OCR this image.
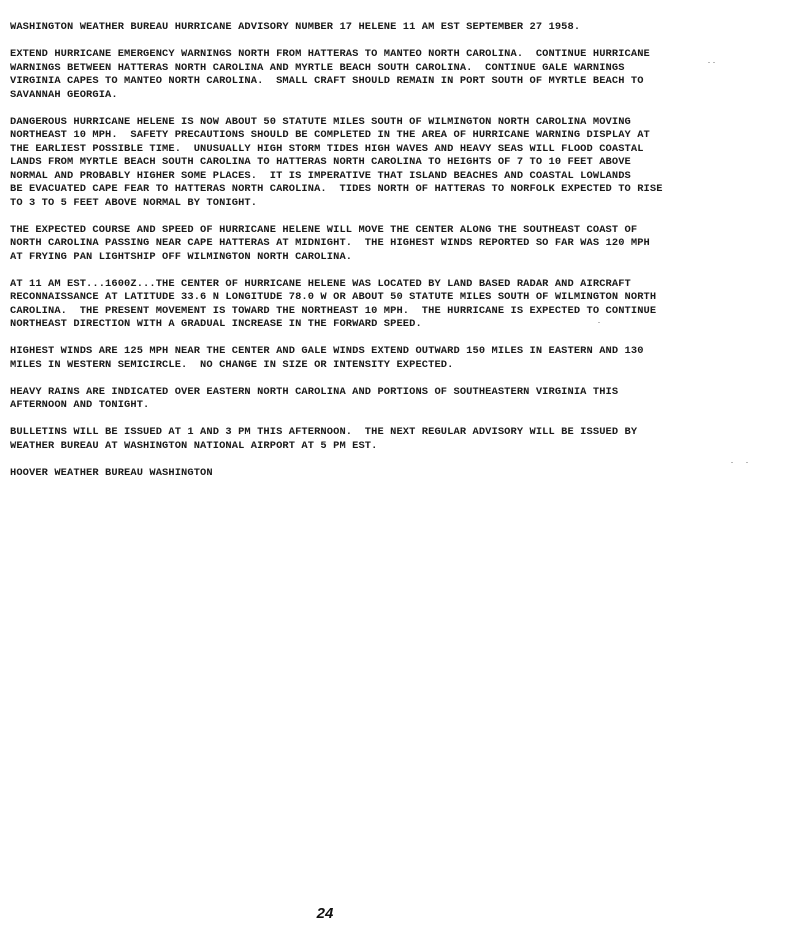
WASHINGTON WEATHER BUREAU HURRICANE ADVISORY NUMBER 17 HELENE 11 AM EST SEPTEMBER 27 1958.
EXTEND HURRICANE EMERGENCY WARNINGS NORTH FROM HATTERAS TO MANTEO NORTH CAROLINA.  CONTINUE HURRICANE
WARNINGS BETWEEN HATTERAS NORTH CAROLINA AND MYRTLE BEACH SOUTH CAROLINA.  CONTINUE GALE WARNINGS
VIRGINIA CAPES TO MANTEO NORTH CAROLINA.  SMALL CRAFT SHOULD REMAIN IN PORT SOUTH OF MYRTLE BEACH TO
SAVANNAH GEORGIA.
DANGEROUS HURRICANE HELENE IS NOW ABOUT 50 STATUTE MILES SOUTH OF WILMINGTON NORTH CAROLINA MOVING
NORTHEAST 10 MPH.  SAFETY PRECAUTIONS SHOULD BE COMPLETED IN THE AREA OF HURRICANE WARNING DISPLAY AT
THE EARLIEST POSSIBLE TIME.  UNUSUALLY HIGH STORM TIDES HIGH WAVES AND HEAVY SEAS WILL FLOOD COASTAL
LANDS FROM MYRTLE BEACH SOUTH CAROLINA TO HATTERAS NORTH CAROLINA TO HEIGHTS OF 7 TO 10 FEET ABOVE
NORMAL AND PROBABLY HIGHER SOME PLACES.  IT IS IMPERATIVE THAT ISLAND BEACHES AND COASTAL LOWLANDS
BE EVACUATED CAPE FEAR TO HATTERAS NORTH CAROLINA.  TIDES NORTH OF HATTERAS TO NORFOLK EXPECTED TO RISE
TO 3 TO 5 FEET ABOVE NORMAL BY TONIGHT.
THE EXPECTED COURSE AND SPEED OF HURRICANE HELENE WILL MOVE THE CENTER ALONG THE SOUTHEAST COAST OF
NORTH CAROLINA PASSING NEAR CAPE HATTERAS AT MIDNIGHT.  THE HIGHEST WINDS REPORTED SO FAR WAS 120 MPH
AT FRYING PAN LIGHTSHIP OFF WILMINGTON NORTH CAROLINA.
AT 11 AM EST...1600Z...THE CENTER OF HURRICANE HELENE WAS LOCATED BY LAND BASED RADAR AND AIRCRAFT
RECONNAISSANCE AT LATITUDE 33.6 N LONGITUDE 78.0 W OR ABOUT 50 STATUTE MILES SOUTH OF WILMINGTON NORTH
CAROLINA.  THE PRESENT MOVEMENT IS TOWARD THE NORTHEAST 10 MPH.  THE HURRICANE IS EXPECTED TO CONTINUE
NORTHEAST DIRECTION WITH A GRADUAL INCREASE IN THE FORWARD SPEED.
HIGHEST WINDS ARE 125 MPH NEAR THE CENTER AND GALE WINDS EXTEND OUTWARD 150 MILES IN EASTERN AND 130
MILES IN WESTERN SEMICIRCLE.  NO CHANGE IN SIZE OR INTENSITY EXPECTED.
HEAVY RAINS ARE INDICATED OVER EASTERN NORTH CAROLINA AND PORTIONS OF SOUTHEASTERN VIRGINIA THIS
AFTERNOON AND TONIGHT.
BULLETINS WILL BE ISSUED AT 1 AND 3 PM THIS AFTERNOON.  THE NEXT REGULAR ADVISORY WILL BE ISSUED BY
WEATHER BUREAU AT WASHINGTON NATIONAL AIRPORT AT 5 PM EST.
HOOVER WEATHER BUREAU WASHINGTON
24
